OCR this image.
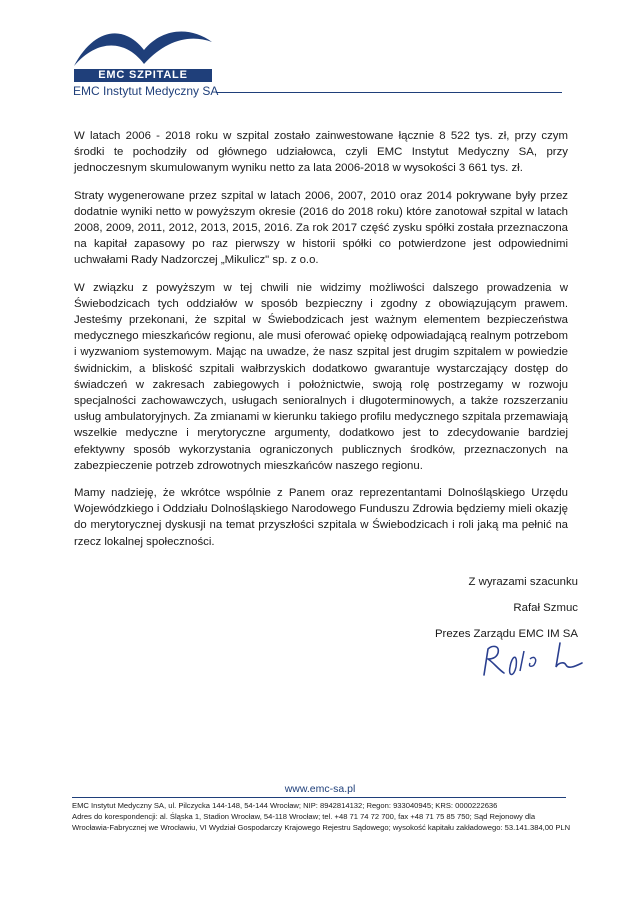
EMC SZPITALE
EMC Instytut Medyczny SA

W latach 2006 - 2018 roku w szpital zostało zainwestowane łącznie 8 522 tys. zł, przy czym środki te pochodziły od głównego udziałowca, czyli EMC Instytut Medyczny SA, przy jednoczesnym skumulowanym wyniku netto za lata 2006-2018 w wysokości 3 661 tys. zł.

Straty wygenerowane przez szpital w latach 2006, 2007, 2010 oraz 2014 pokrywane były przez dodatnie wyniki netto w powyższym okresie (2016 do 2018 roku) które zanotował szpital w latach 2008, 2009, 2011, 2012, 2013, 2015, 2016. Za rok 2017 część zysku spółki została przeznaczona na kapitał zapasowy po raz pierwszy w historii spółki co potwierdzone jest odpowiednimi uchwałami Rady Nadzorczej „Mikulicz" sp. z o.o.

W związku z powyższym w tej chwili nie widzimy możliwości dalszego prowadzenia w Świebodzicach tych oddziałów w sposób bezpieczny i zgodny z obowiązującym prawem. Jesteśmy przekonani, że szpital w Świebodzicach jest ważnym elementem bezpieczeństwa medycznego mieszkańców regionu, ale musi oferować opiekę odpowiadającą realnym potrzebom i wyzwaniom systemowym. Mając na uwadze, że nasz szpital jest drugim szpitalem w powiedzie świdnickim, a bliskość szpitali wałbrzyskich dodatkowo gwarantuje wystarczający dostęp do świadczeń w zakresach zabiegowych i położnictwie, swoją rolę postrzegamy w rozwoju specjalności zachowawczych, usługach senioralnych i długoterminowych, a także rozszerzaniu usług ambulatoryjnych. Za zmianami w kierunku takiego profilu medycznego szpitala przemawiają wszelkie medyczne i merytoryczne argumenty, dodatkowo jest to zdecydowanie bardziej efektywny sposób wykorzystania ograniczonych publicznych środków, przeznaczonych na zabezpieczenie potrzeb zdrowotnych mieszkańców naszego regionu.

Mamy nadzieję, że wkrótce wspólnie z Panem oraz reprezentantami Dolnośląskiego Urzędu Wojewódzkiego i Oddziału Dolnośląskiego Narodowego Funduszu Zdrowia będziemy mieli okazję do merytorycznej dyskusji na temat przyszłości szpitala w Świebodzicach i roli jaką ma pełnić na rzecz lokalnej społeczności.

Z wyrazami szacunku
Rafał Szmuc
Prezes Zarządu EMC IM SA
www.emc-sa.pl
EMC Instytut Medyczny SA, ul. Pilczycka 144-148, 54-144 Wrocław; NIP: 8942814132; Regon: 933040945; KRS: 0000222636
Adres do korespondencji: al. Śląska 1, Stadion Wrocław, 54-118 Wrocław; tel. +48 71 74 72 700, fax +48 71 75 85 750; Sąd Rejonowy dla
Wrocławia-Fabrycznej we Wrocławiu, VI Wydział Gospodarczy Krajowego Rejestru Sądowego; wysokość kapitału zakładowego: 53.141.384,00 PLN
